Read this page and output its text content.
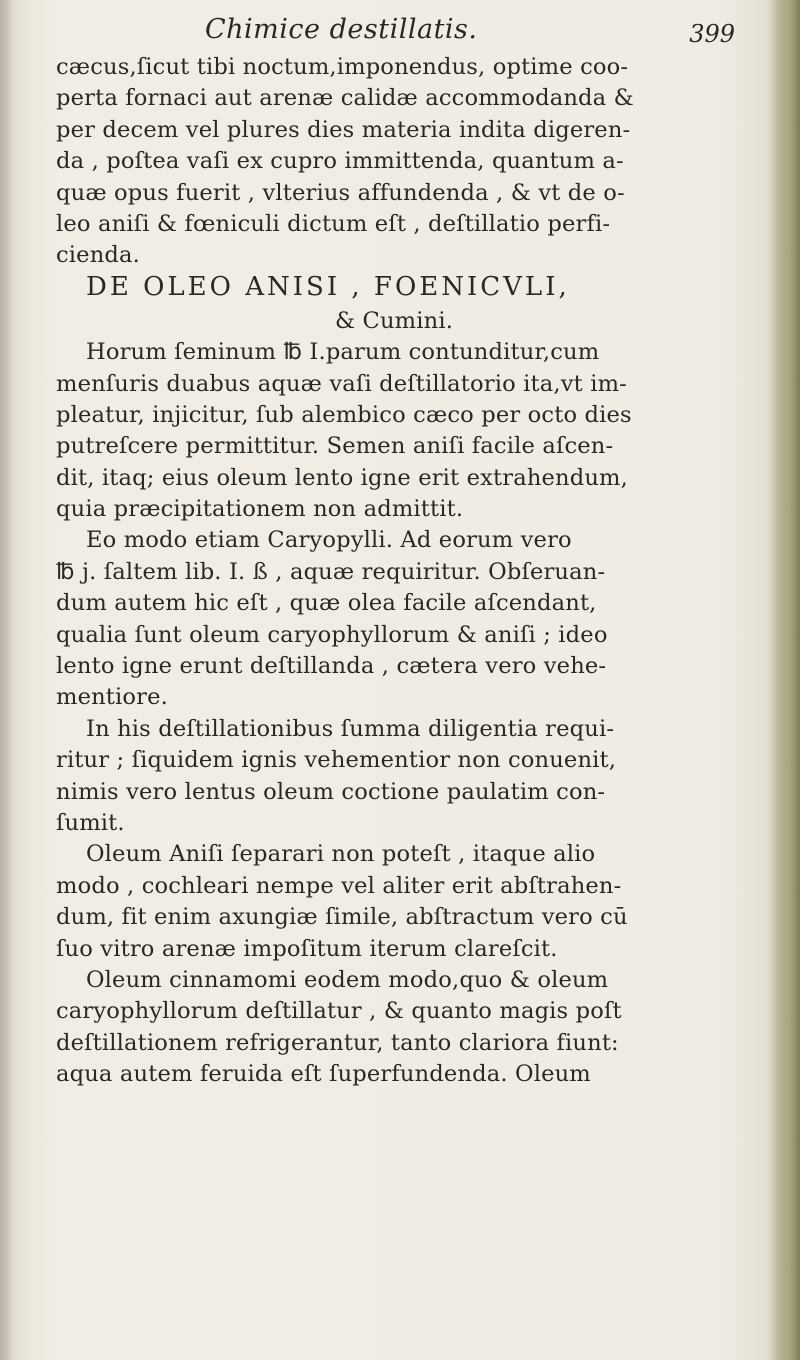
Chimice destillatis.	399
cæcus,ſicut tibi noctum,imponendus, optime coo-
perta fornaci aut arenæ calidæ accommodanda &
per decem vel plures dies materia indita digeren-
da , poſtea vaſi ex cupro immittenda, quantum a-
quæ opus fuerit , vlterius affundenda , & vt de o-
leo aniſi & fœniculi dictum eſt , deſtillatio perfi-
cienda.
DE OLEO ANISI , FOENICVLI,
& Cumini.
Horum ſeminum ℔ I.parum contunditur,cum
menſuris duabus aquæ vaſi deſtillatorio ita,vt im-
pleatur, injicitur, ſub alembico cæco per octo dies
putreſcere permittitur. Semen aniſi facile aſcen-
dit, itaq; eius oleum lento igne erit extrahendum,
quia præcipitationem non admittit.
Eo modo etiam Caryopylli. Ad eorum vero
℔ j. ſaltem lib. I. ß , aquæ requiritur. Obſeruan-
dum autem hic eſt , quæ olea facile aſcendant,
qualia ſunt oleum caryophyllorum & aniſi ; ideo
lento igne erunt deſtillanda , cætera vero vehe-
mentiore.
In his deſtillationibus ſumma diligentia requi-
ritur ; ſiquidem ignis vehementior non conuenit,
nimis vero lentus oleum coctione paulatim con-
ſumit.
Oleum Aniſi ſeparari non poteſt , itaque alio
modo , cochleari nempe vel aliter erit abſtrahen-
dum, fit enim axungiæ ſimile, abſtractum vero cū
ſuo vitro arenæ impoſitum iterum clareſcit.
Oleum cinnamomi eodem modo,quo & oleum
caryophyllorum deſtillatur , & quanto magis poſt
deſtillationem refrigerantur, tanto clariora fiunt:
aqua autem feruida eſt ſuperfundenda. Oleum
